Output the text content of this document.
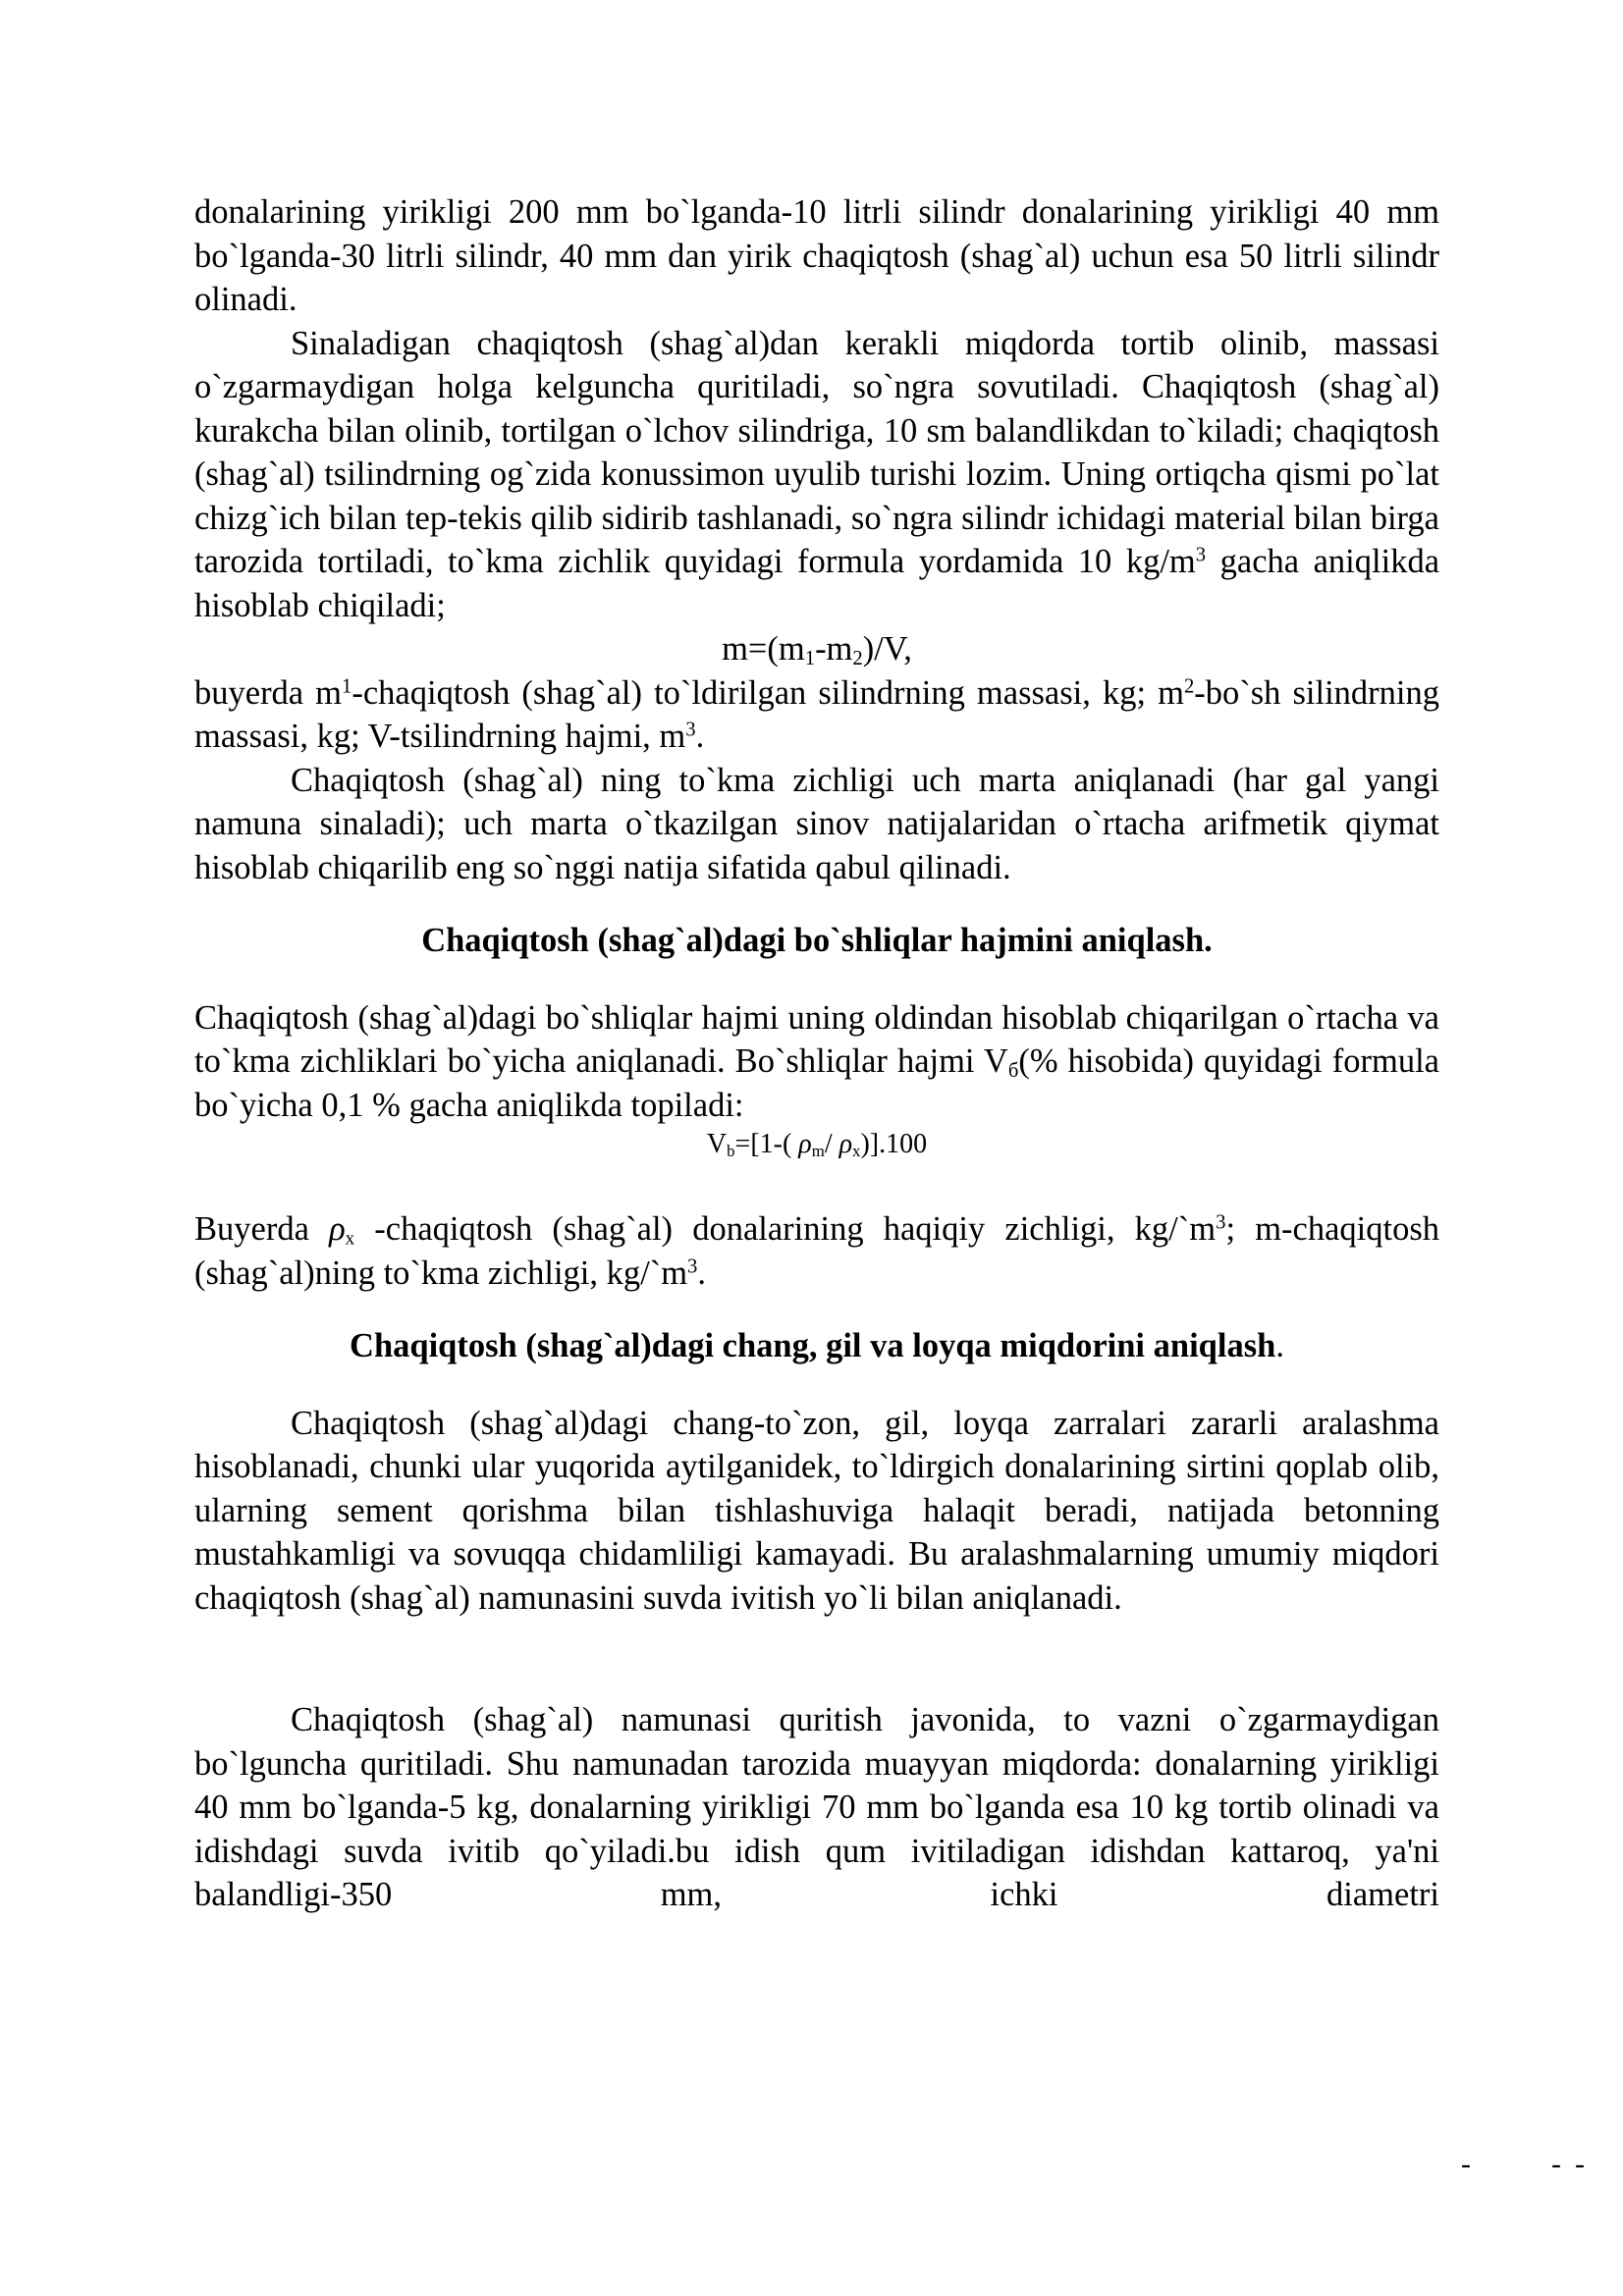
donalarining yirikligi 200 mm bo`lganda-10 litrli silindr donalarining yirikligi 40 mm bo`lganda-30 litrli silindr, 40 mm dan yirik chaqiqtosh (shag`al) uchun esa 50 litrli silindr olinadi.

Sinaladigan chaqiqtosh (shag`al)dan kerakli miqdorda tortib olinib, massasi o`zgarmaydigan holga kelguncha quritiladi, so`ngra sovutiladi. Chaqiqtosh (shag`al) kurakcha bilan olinib, tortilgan o`lchov silindriga, 10 sm balandlikdan to`kiladi; chaqiqtosh (shag`al) tsilindrning og`zida konussimon uyulib turishi lozim. Uning ortiqcha qismi po`lat chizg`ich bilan tep-tekis qilib sidirib tashlanadi, so`ngra silindr ichidagi material bilan birga tarozida tortiladi, to`kma zichlik quyidagi formula yordamida 10 $kg/m^3$ gacha aniqlikda hisoblab chiqiladi;

$m=(m_1-m_2)/V$,

buyerda $m^1$-chaqiqtosh (shag`al) to`ldirilgan silindrning massasi, kg; $m^2-bo`sh$ silindrning massasi, kg; V-tsilindrning hajmi, $m^3$.

Chaqiqtosh (shag`al) ning to`kma zichligi uch marta aniqlanadi (har gal yangi namuna sinaladi); uch marta o`tkazilgan sinov natijalaridan o`rtacha arifmetik qiymat hisoblab chiqarilib eng so`nggi natija sifatida qabul qilinadi.

Chaqiqtosh (shag`al)dagi bo`shliqlar hajmini aniqlash.

Chaqiqtosh (shag`al)dagi bo`shliqlar hajmi uning oldindan hisoblab chiqarilgan o`rtacha va to`kma zichliklari bo`yicha aniqlanadi. Bo`shliqlar hajmi $V_б(\%$ hisobida) quyidagi formula bo`yicha 0,1 % gacha aniqlikda topiladi:

$V_b=[1-$( $\rho_m/$ $\rho_x)].100$

Buyerda ρx -chaqiqtosh (shag`al) donalarining haqiqiy zichligi, $kg/`m^3$; m-chaqiqtosh (shag`al)ning to`kma zichligi, $kg/`m^3$.

Chaqiqtosh (shag`al)dagi chang, gil va loyqa miqdorini aniqlash.

Chaqiqtosh (shag`al)dagi chang-to`zon, gil, loyqa zarralari zararli aralashma hisoblanadi, chunki ular yuqorida aytilganidek, to`ldirgich donalarining sirtini qoplab olib, ularning sement qorishma bilan tishlashuviga halaqit beradi, natijada betonning mustahkamligi va sovuqqa chidamliligi kamayadi. Bu aralashmalarning umumiy miqdori chaqiqtosh (shag`al) namunasini suvda ivitish yo`li bilan aniqlanadi.

Chaqiqtosh (shag`al) namunasi quritish javonida, to vazni o`zgarmaydigan bo`lguncha quritiladi. Shu namunadan tarozida muayyan miqdorda: donalarning yirikligi 40 mm bo`lganda-5 kg, donalarning yirikligi 70 mm bo`lganda esa 10 kg tortib olinadi va idishdagi suvda ivitib qo`yiladi.bu idish qum ivitiladigan idishdan kattaroq, ya'ni balandligi-350 mm, ichki diametri

-	- -
